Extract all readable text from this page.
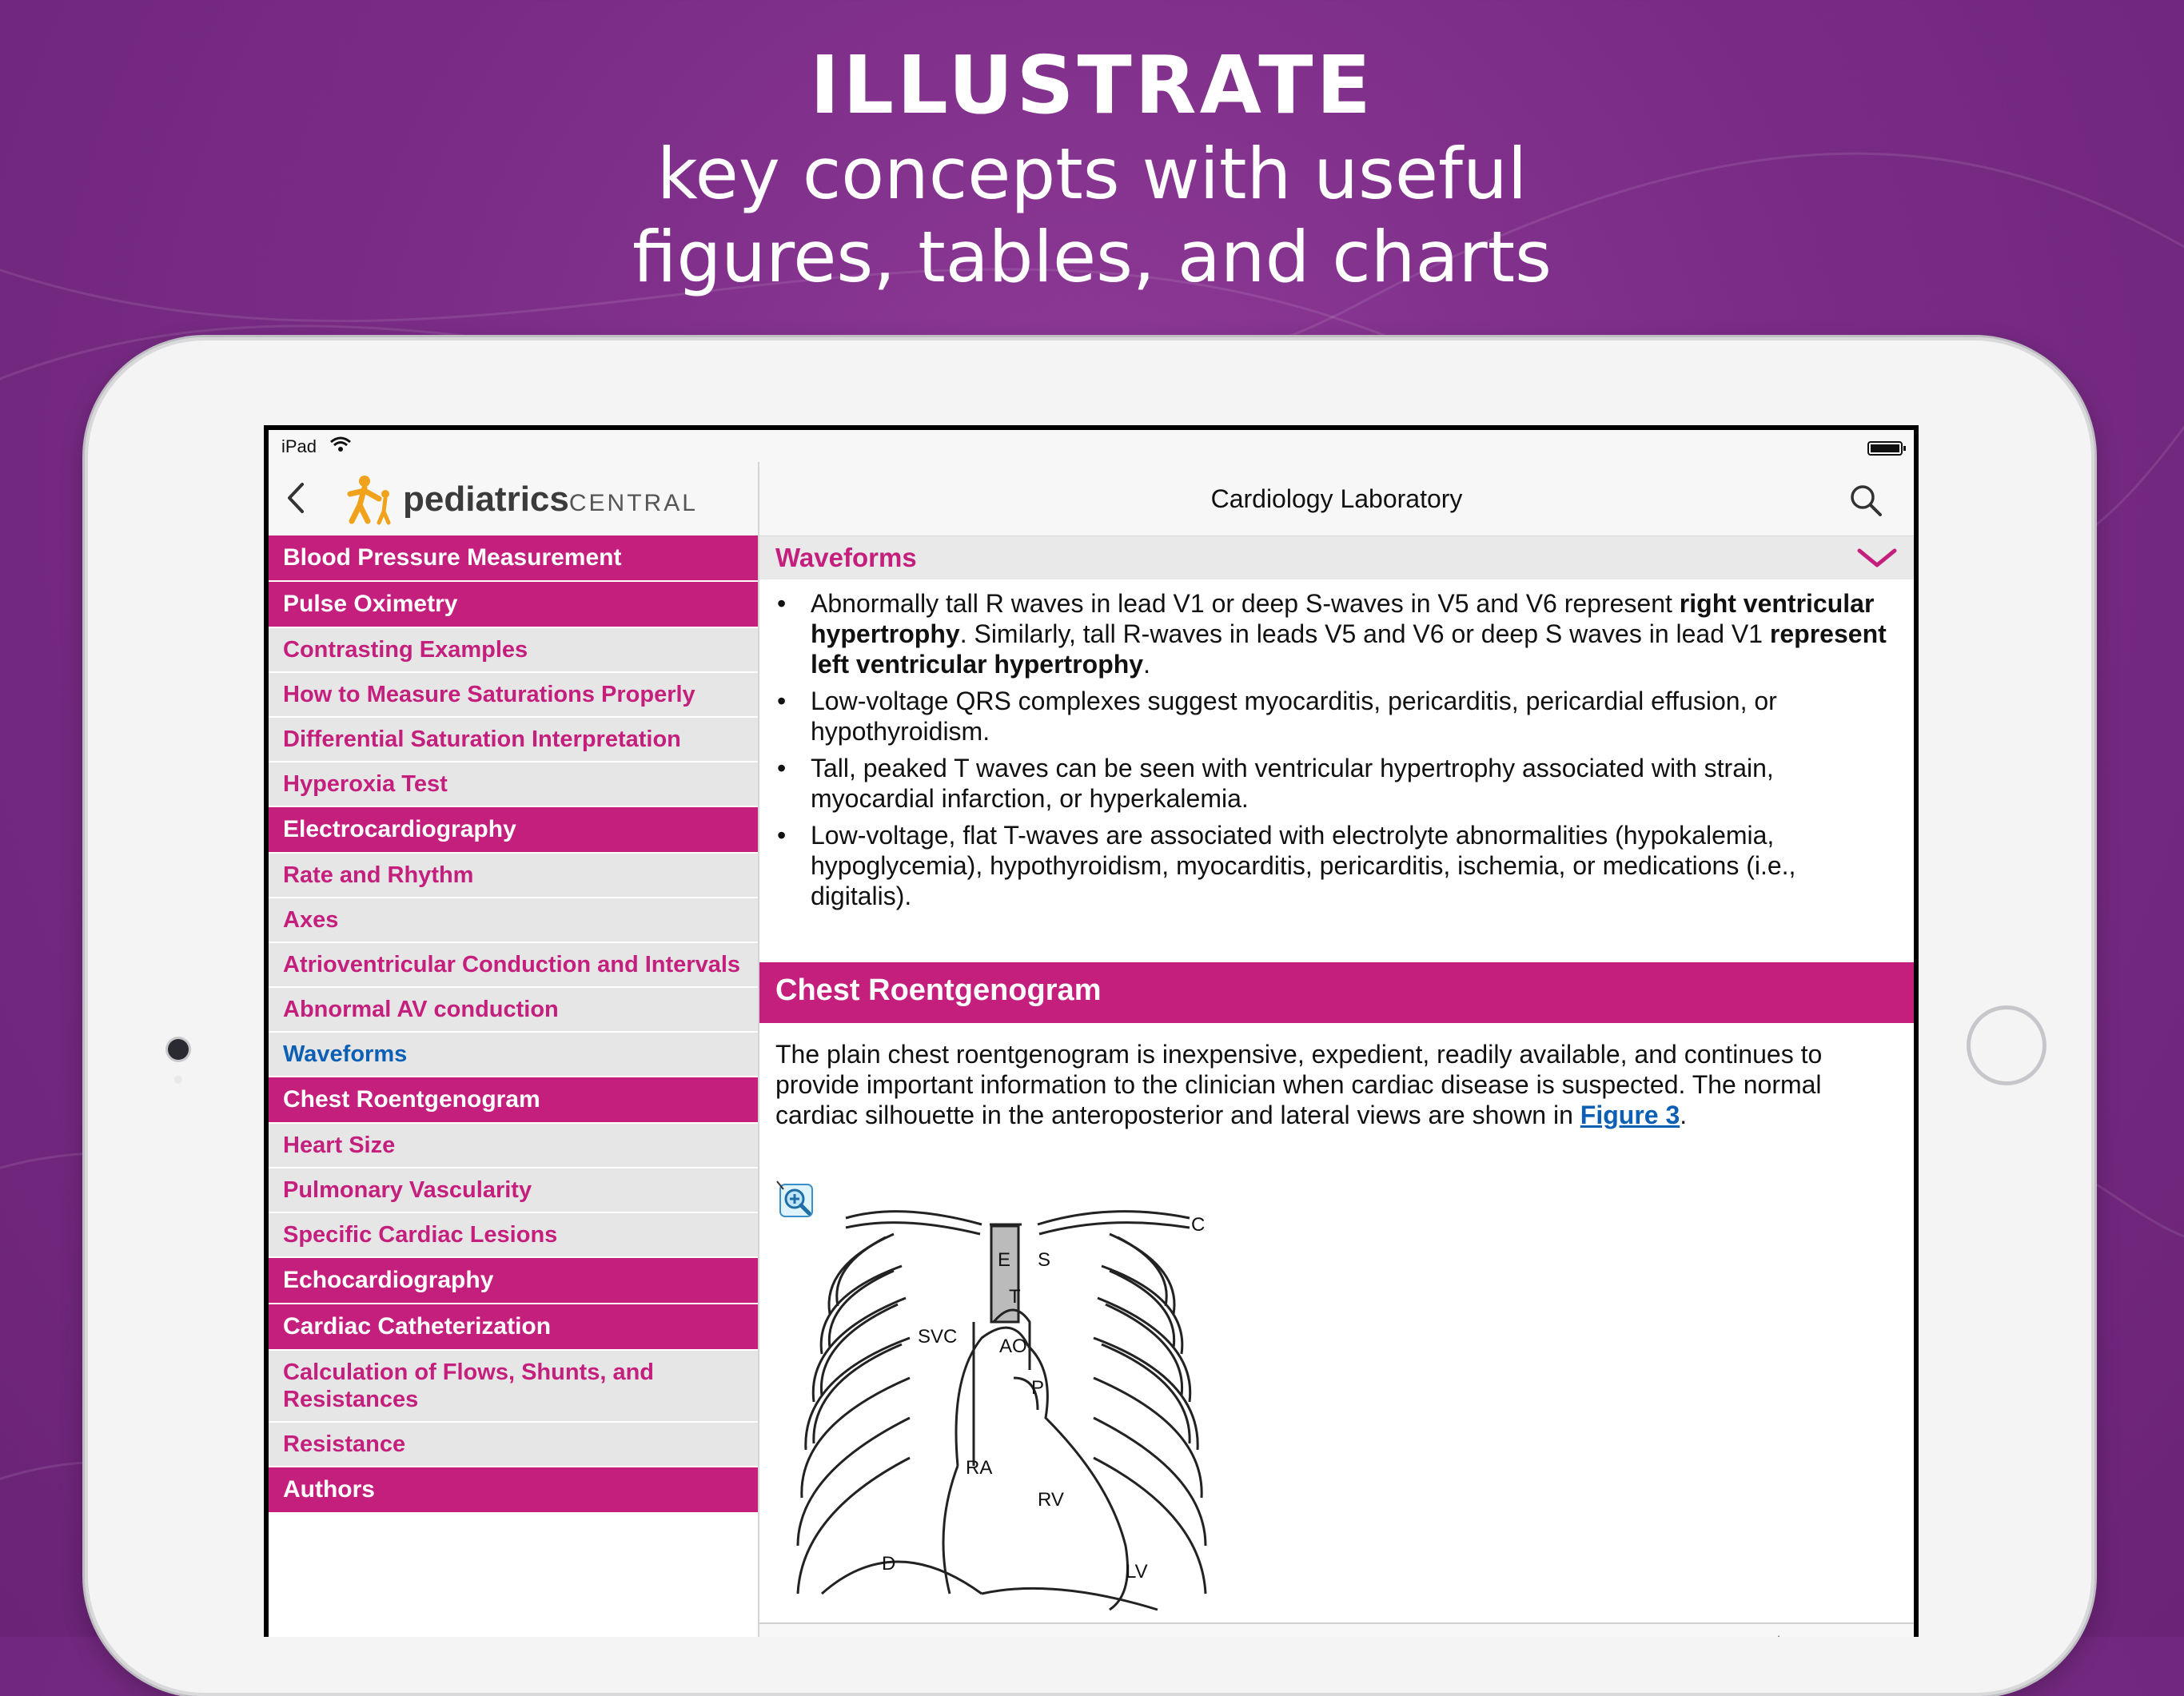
ILLUSTRATE
key concepts with useful
figures, tables, and charts
iPad
pediatricsCENTRAL
Blood Pressure Measurement
Pulse Oximetry
Contrasting Examples
How to Measure Saturations Properly
Differential Saturation Interpretation
Hyperoxia Test
Electrocardiography
Rate and Rhythm
Axes
Atrioventricular Conduction and Intervals
Abnormal AV conduction
Waveforms
Chest Roentgenogram
Heart Size
Pulmonary Vascularity
Specific Cardiac Lesions
Echocardiography
Cardiac Catheterization
Calculation of Flows, Shunts, and Resistances
Resistance
Authors
Cardiology Laboratory
Waveforms
• Abnormally tall R waves in lead V1 or deep S-waves in V5 and V6 represent right ventricular hypertrophy. Similarly, tall R-waves in leads V5 and V6 or deep S waves in lead V1 represent left ventricular hypertrophy.
• Low-voltage QRS complexes suggest myocarditis, pericarditis, pericardial effusion, or hypothyroidism.
• Tall, peaked T waves can be seen with ventricular hypertrophy associated with strain, myocardial infarction, or hyperkalemia.
• Low-voltage, flat T-waves are associated with electrolyte abnormalities (hypokalemia, hypoglycemia), hypothyroidism, myocarditis, pericarditis, ischemia, or medications (i.e., digitalis).
Chest Roentgenogram
The plain chest roentgenogram is inexpensive, expedient, readily available, and continues to provide important information to the clinician when cardiac disease is suspected. The normal cardiac silhouette in the anteroposterior and lateral views are shown in Figure 3.
C
E S
T
SVC AO
P
RA
RV
LV
D
